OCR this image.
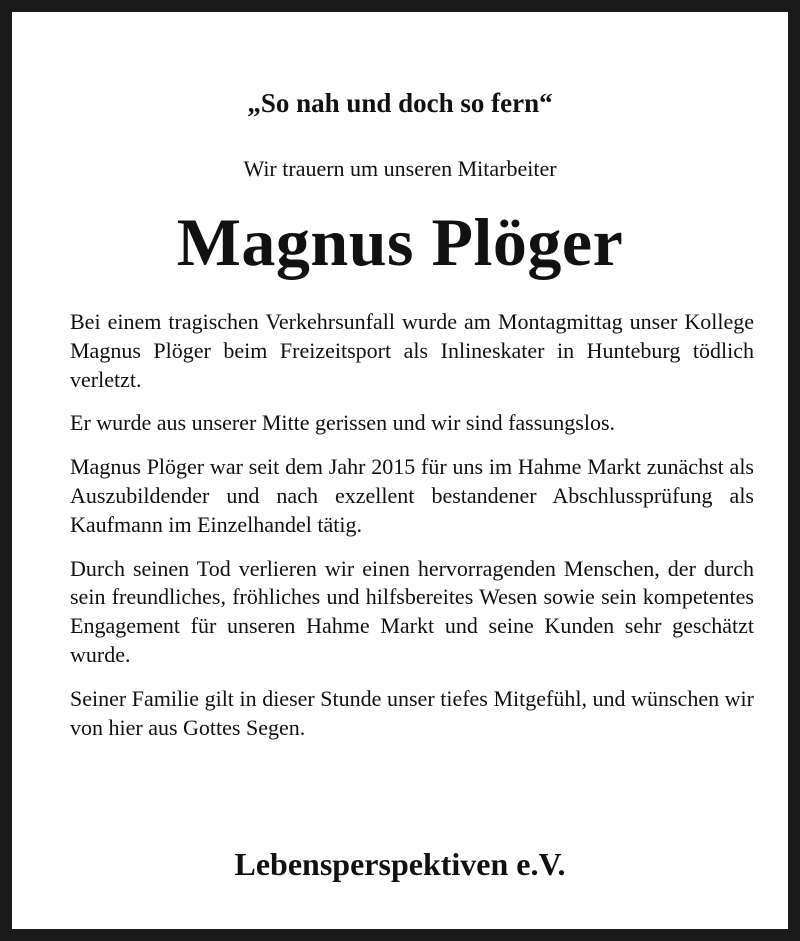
„So nah und doch so fern“
Wir trauern um unseren Mitarbeiter
Magnus Plöger

Bei einem tragischen Verkehrsunfall wurde am Montagmittag unser Kollege Magnus Plöger beim Freizeitsport als Inlineskater in Hunteburg tödlich verletzt.

Er wurde aus unserer Mitte gerissen und wir sind fassungslos.

Magnus Plöger war seit dem Jahr 2015 für uns im Hahme Markt zunächst als Auszubildender und nach exzellent bestandener Abschlussprüfung als Kaufmann im Einzelhandel tätig.

Durch seinen Tod verlieren wir einen hervorragenden Menschen, der durch sein freundliches, fröhliches und hilfsbereites Wesen sowie sein kompetentes Engagement für unseren Hahme Markt und seine Kunden sehr geschätzt wurde.

Seiner Familie gilt in dieser Stunde unser tiefes Mitgefühl, und wünschen wir von hier aus Gottes Segen.

Lebensperspektiven e.V.
